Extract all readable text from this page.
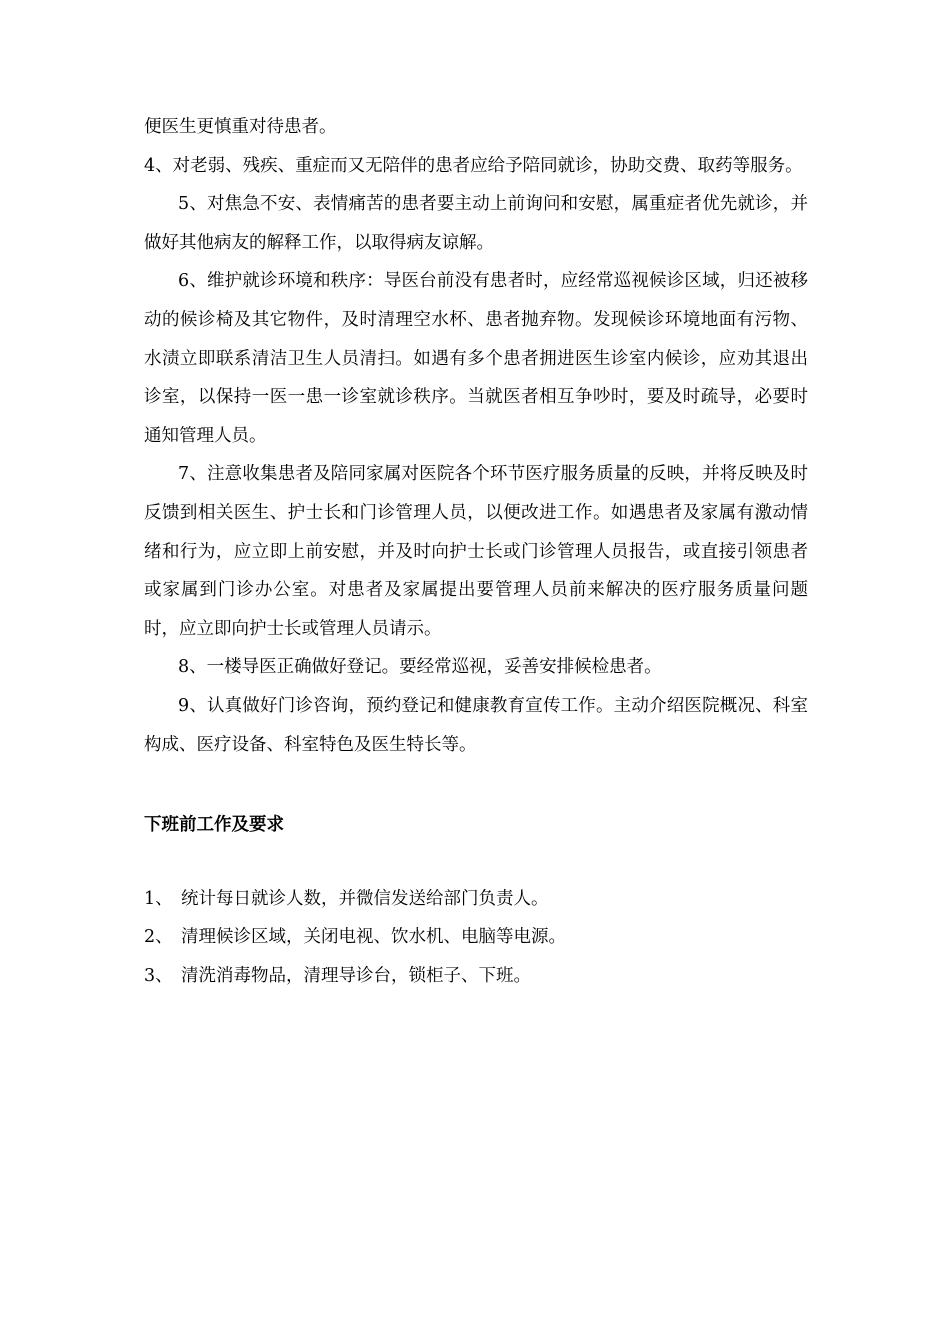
便医生更慎重对待患者。

4、对老弱、残疾、重症而又无陪伴的患者应给予陪同就诊，协助交费、取药等服务。

5、对焦急不安、表情痛苦的患者要主动上前询问和安慰，属重症者优先就诊，并做好其他病友的解释工作，以取得病友谅解。

6、维护就诊环境和秩序：导医台前没有患者时，应经常巡视候诊区域，归还被移动的候诊椅及其它物件，及时清理空水杯、患者抛弃物。发现候诊环境地面有污物、水渍立即联系清洁卫生人员清扫。如遇有多个患者拥进医生诊室内候诊，应劝其退出诊室，以保持一医一患一诊室就诊秩序。当就医者相互争吵时，要及时疏导，必要时通知管理人员。

7、注意收集患者及陪同家属对医院各个环节医疗服务质量的反映，并将反映及时反馈到相关医生、护士长和门诊管理人员，以便改进工作。如遇患者及家属有激动情绪和行为，应立即上前安慰，并及时向护士长或门诊管理人员报告，或直接引领患者或家属到门诊办公室。对患者及家属提出要管理人员前来解决的医疗服务质量问题时，应立即向护士长或管理人员请示。

8、一楼导医正确做好登记。要经常巡视，妥善安排候检患者。

9、认真做好门诊咨询，预约登记和健康教育宣传工作。主动介绍医院概况、科室构成、医疗设备、科室特色及医生特长等。

下班前工作及要求
1、 统计每日就诊人数，并微信发送给部门负责人。
2、 清理候诊区域，关闭电视、饮水机、电脑等电源。
3、 清洗消毒物品，清理导诊台，锁柜子、下班。
